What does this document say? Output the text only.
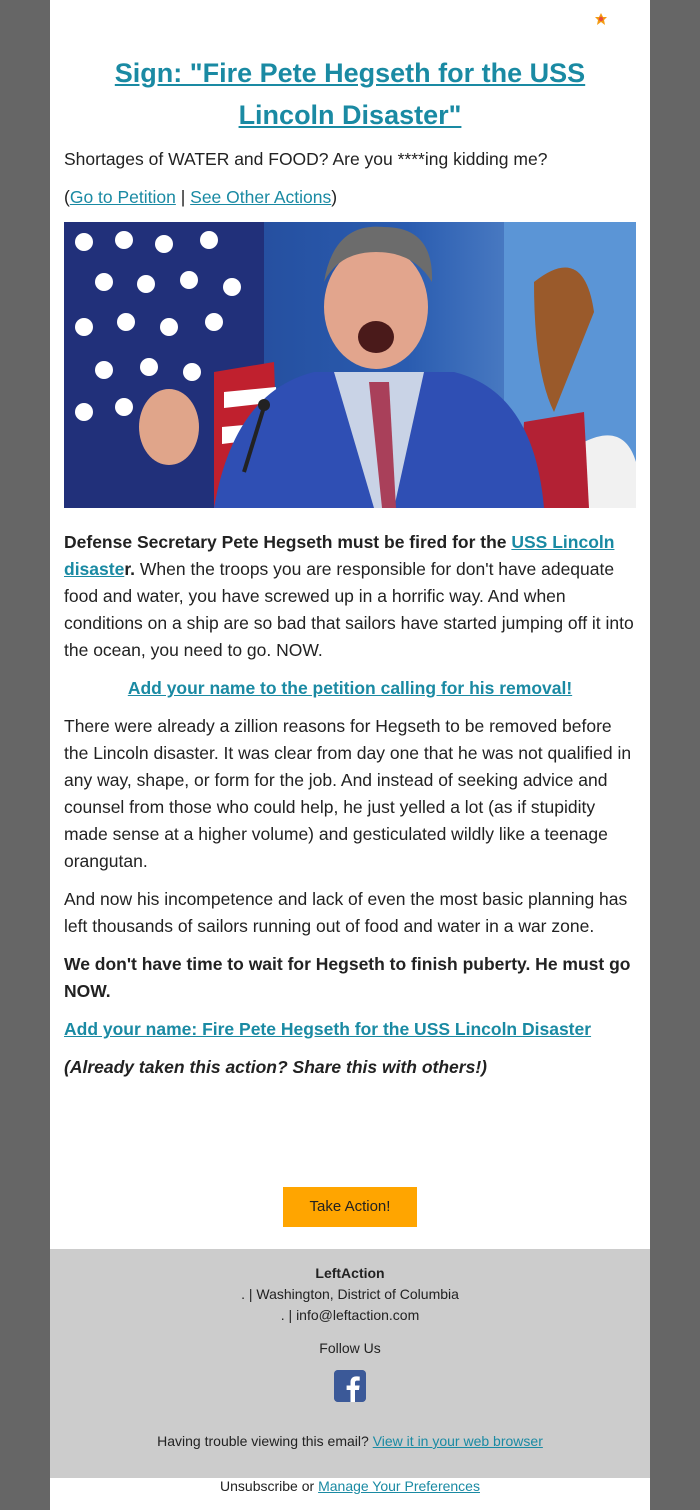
Sign: "Fire Pete Hegseth for the USS Lincoln Disaster"

Shortages of WATER and FOOD? Are you ****ing kidding me?

(Go to Petition | See Other Actions)

Defense Secretary Pete Hegseth must be fired for the USS Lincoln disaster. When the troops you are responsible for don't have adequate food and water, you have screwed up in a horrific way. And when conditions on a ship are so bad that sailors have started jumping off it into the ocean, you need to go. NOW.

Add your name to the petition calling for his removal!

There were already a zillion reasons for Hegseth to be removed before the Lincoln disaster. It was clear from day one that he was not qualified in any way, shape, or form for the job. And instead of seeking advice and counsel from those who could help, he just yelled a lot (as if stupidity made sense at a higher volume) and gesticulated wildly like a teenage orangutan.

And now his incompetence and lack of even the most basic planning has left thousands of sailors running out of food and water in a war zone.

We don't have time to wait for Hegseth to finish puberty. He must go NOW.

Add your name: Fire Pete Hegseth for the USS Lincoln Disaster

(Already taken this action? Share this with others!)

Take Action!
LeftAction
. | Washington, District of Columbia
. | info@leftaction.com
Follow Us
Having trouble viewing this email? View it in your web browser
Unsubscribe or Manage Your Preferences
